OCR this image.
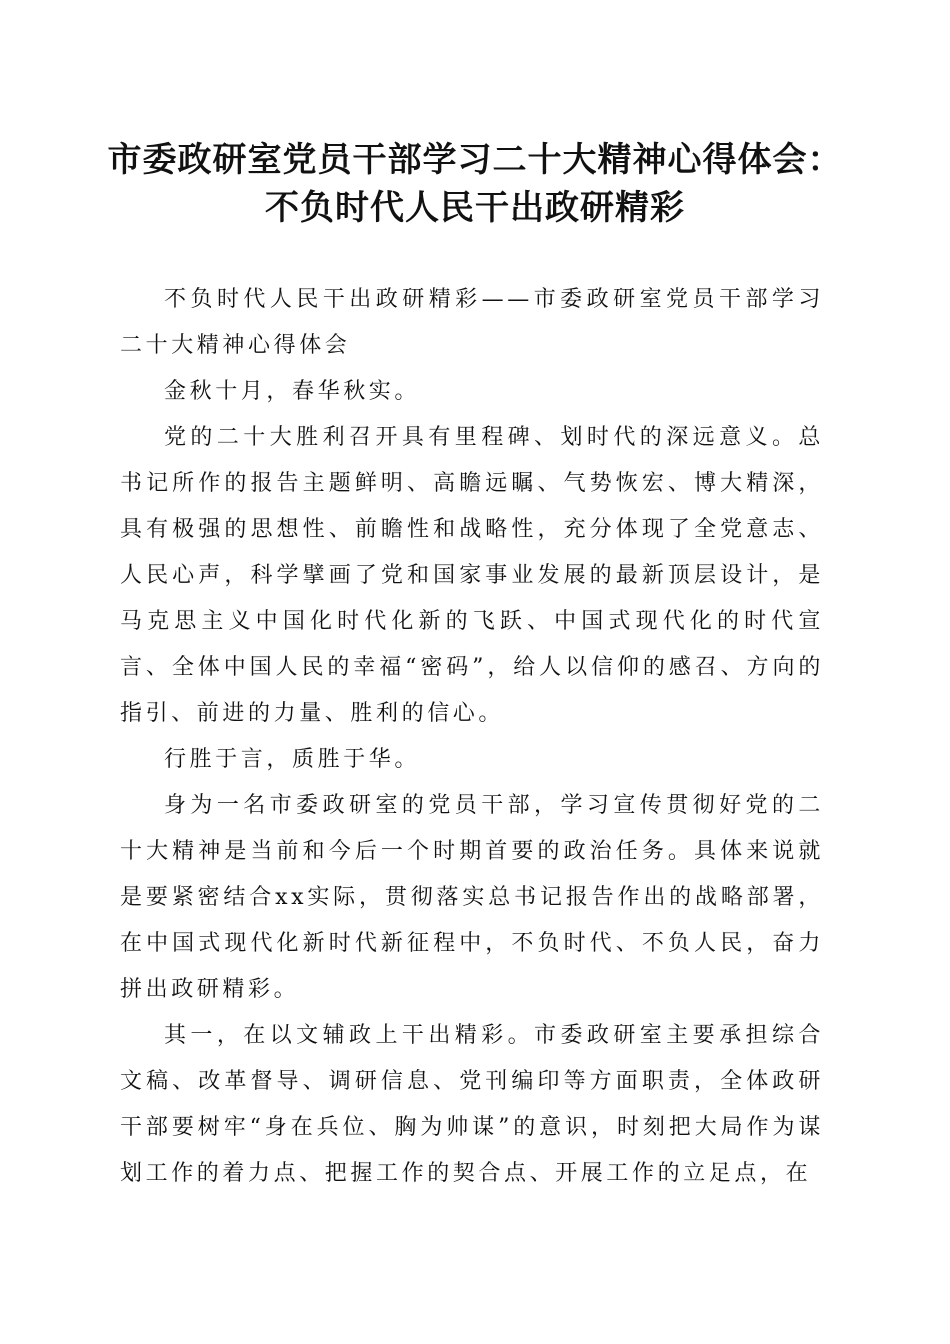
市委政研室党员干部学习二十大精神心得体会：
不负时代人民干出政研精彩

不负时代人民干出政研精彩——市委政研室党员干部学习二十大精神心得体会

金秋十月，春华秋实。

党的二十大胜利召开具有里程碑、划时代的深远意义。总书记所作的报告主题鲜明、高瞻远瞩、气势恢宏、博大精深，具有极强的思想性、前瞻性和战略性，充分体现了全党意志、人民心声，科学擘画了党和国家事业发展的最新顶层设计，是马克思主义中国化时代化新的飞跃、中国式现代化的时代宣言、全体中国人民的幸福“密码”，给人以信仰的感召、方向的指引、前进的力量、胜利的信心。

行胜于言，质胜于华。

身为一名市委政研室的党员干部，学习宣传贯彻好党的二十大精神是当前和今后一个时期首要的政治任务。具体来说就是要紧密结合xx实际，贯彻落实总书记报告作出的战略部署，在中国式现代化新时代新征程中，不负时代、不负人民，奋力拼出政研精彩。

其一，在以文辅政上干出精彩。市委政研室主要承担综合文稿、改革督导、调研信息、党刊编印等方面职责，全体政研干部要树牢“身在兵位、胸为帅谋”的意识，时刻把大局作为谋划工作的着力点、把握工作的契合点、开展工作的立足点，在
